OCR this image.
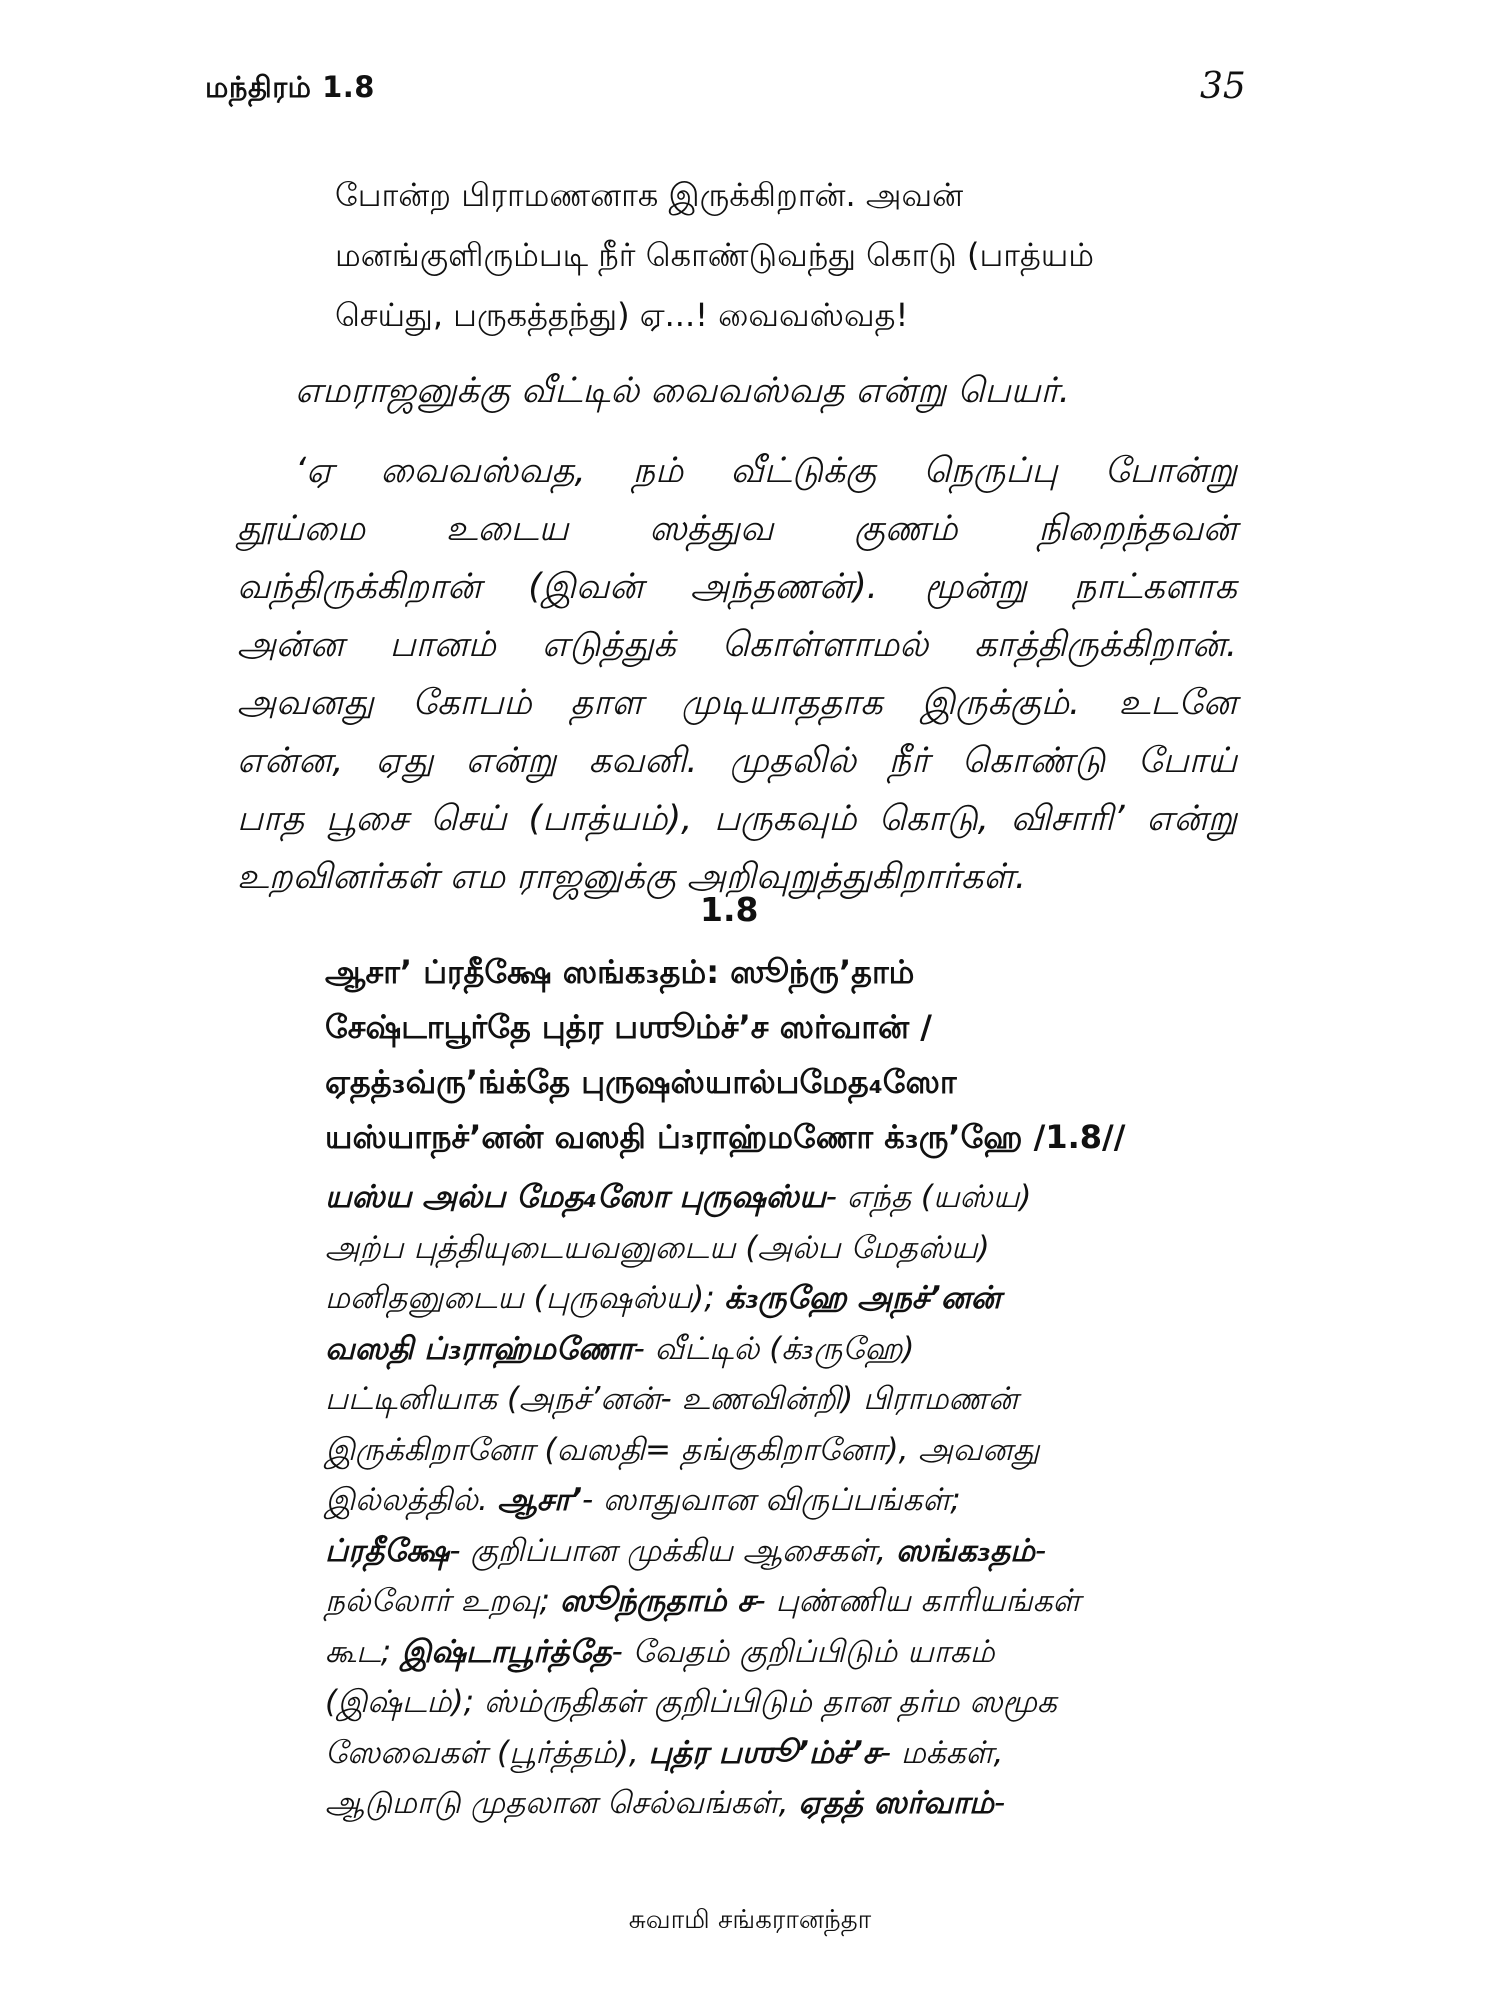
மந்திரம் 1.8	35
போன்ற பிராமணனாக இருக்கிறான். அவன்
மனங்குளிரும்படி நீர் கொண்டுவந்து கொடு (பாத்யம்
செய்து, பருகத்தந்து) ஏ...! வைவஸ்வத!
எமராஜனுக்கு வீட்டில் வைவஸ்வத என்று பெயர்.
‘ஏ வைவஸ்வத, நம் வீட்டுக்கு நெருப்பு போன்று
தூய்மை உடைய ஸத்துவ குணம் நிறைந்தவன்
வந்திருக்கிறான் (இவன் அந்தணன்). மூன்று நாட்களாக
அன்ன பானம் எடுத்துக் கொள்ளாமல் காத்திருக்கிறான்.
அவனது கோபம் தாள முடியாததாக இருக்கும். உடனே
என்ன, ஏது என்று கவனி. முதலில் நீர் கொண்டு போய்
பாத பூசை செய் (பாத்யம்), பருகவும் கொடு, விசாரி’ என்று
உறவினர்கள் எம ராஜனுக்கு அறிவுறுத்துகிறார்கள்.
1.8
ஆசா’ ப்ரதீக்ஷே ஸங்க₃தம்: ஸூந்ரு’தாம்
சேஷ்டாபூர்தே புத்ர பஶூம்ச்’ச ஸர்வான் /
ஏதத்₃வ்ரு’ங்க்தே புருஷஸ்யால்பமேத₄ஸோ
யஸ்யாநச்’னன் வஸதி ப்₃ராஹ்மணோ க்₃ரு’ஹே /1.8//
யஸ்ய அல்ப மேத₄ஸோ புருஷஸ்ய- எந்த (யஸ்ய)
அற்ப புத்தியுடையவனுடைய (அல்ப மேதஸ்ய)
மனிதனுடைய (புருஷஸ்ய); க்₃ருஹே அநச்’னன்
வஸதி ப்₃ராஹ்மணோ- வீட்டில் (க்₃ருஹே)
பட்டினியாக (அநச்’னன்- உணவின்றி) பிராமணன்
இருக்கிறானோ (வஸதி= தங்குகிறானோ), அவனது
இல்லத்தில். ஆசா’- ஸாதுவான விருப்பங்கள்;
ப்ரதீக்ஷே- குறிப்பான முக்கிய ஆசைகள், ஸங்க₃தம்-
நல்லோர் உறவு; ஸூந்ருதாம் ச- புண்ணிய காரியங்கள்
கூட; இஷ்டாபூர்த்தே- வேதம் குறிப்பிடும் யாகம்
(இஷ்டம்); ஸ்ம்ருதிகள் குறிப்பிடும் தான தர்ம ஸமூக
ஸேவைகள் (பூர்த்தம்), புத்ர பஶூ’ம்ச்’ச- மக்கள்,
ஆடுமாடு முதலான செல்வங்கள், ஏதத் ஸர்வாம்-
சுவாமி சங்கரானந்தா
